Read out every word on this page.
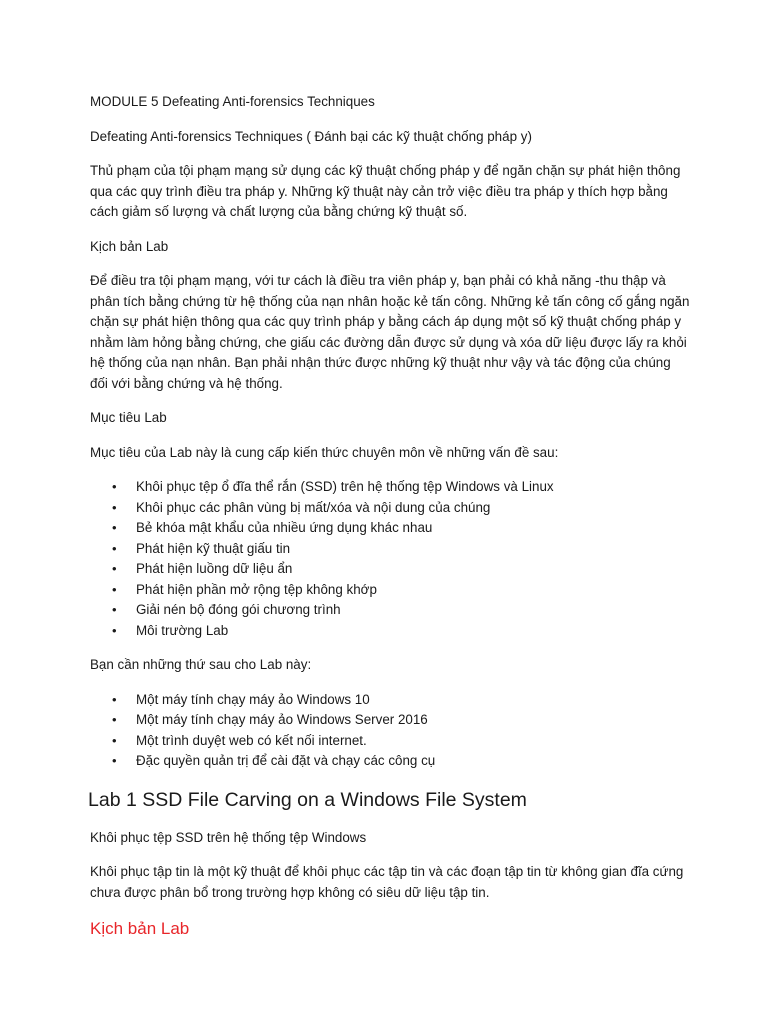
MODULE 5 Defeating Anti-forensics Techniques

Defeating Anti-forensics Techniques ( Đánh bại các kỹ thuật chống pháp y)

Thủ phạm của tội phạm mạng sử dụng các kỹ thuật chống pháp y để ngăn chặn sự phát hiện thông qua các quy trình điều tra pháp y. Những kỹ thuật này cản trở việc điều tra pháp y thích hợp bằng cách giảm số lượng và chất lượng của bằng chứng kỹ thuật số.

Kịch bản Lab

Để điều tra tội phạm mạng, với tư cách là điều tra viên pháp y, bạn phải có khả năng -thu thập và phân tích bằng chứng từ hệ thống của nạn nhân hoặc kẻ tấn công. Những kẻ tấn công cố gắng ngăn chặn sự phát hiện thông qua các quy trình pháp y bằng cách áp dụng một số kỹ thuật chống pháp y nhằm làm hỏng bằng chứng, che giấu các đường dẫn được sử dụng và xóa dữ liệu được lấy ra khỏi hệ thống của nạn nhân. Bạn phải nhận thức được những kỹ thuật như vậy và tác động của chúng đối với bằng chứng và hệ thống.

Mục tiêu Lab

Mục tiêu của Lab này là cung cấp kiến thức chuyên môn về những vấn đề sau:

• Khôi phục tệp ổ đĩa thể rắn (SSD) trên hệ thống tệp Windows và Linux
• Khôi phục các phân vùng bị mất/xóa và nội dung của chúng
• Bẻ khóa mật khẩu của nhiều ứng dụng khác nhau
• Phát hiện kỹ thuật giấu tin
• Phát hiện luồng dữ liệu ẩn
• Phát hiện phần mở rộng tệp không khớp
• Giải nén bộ đóng gói chương trình
• Môi trường Lab

Bạn cần những thứ sau cho Lab này:

• Một máy tính chạy máy ảo Windows 10
• Một máy tính chạy máy ảo Windows Server 2016
• Một trình duyệt web có kết nối internet.
• Đặc quyền quản trị để cài đặt và chạy các công cụ
Lab 1 SSD File Carving on a Windows File System

Khôi phục tệp SSD trên hệ thống tệp Windows

Khôi phục tập tin là một kỹ thuật để khôi phục các tập tin và các đoạn tập tin từ không gian đĩa cứng chưa được phân bổ trong trường hợp không có siêu dữ liệu tập tin.

Kịch bản Lab
